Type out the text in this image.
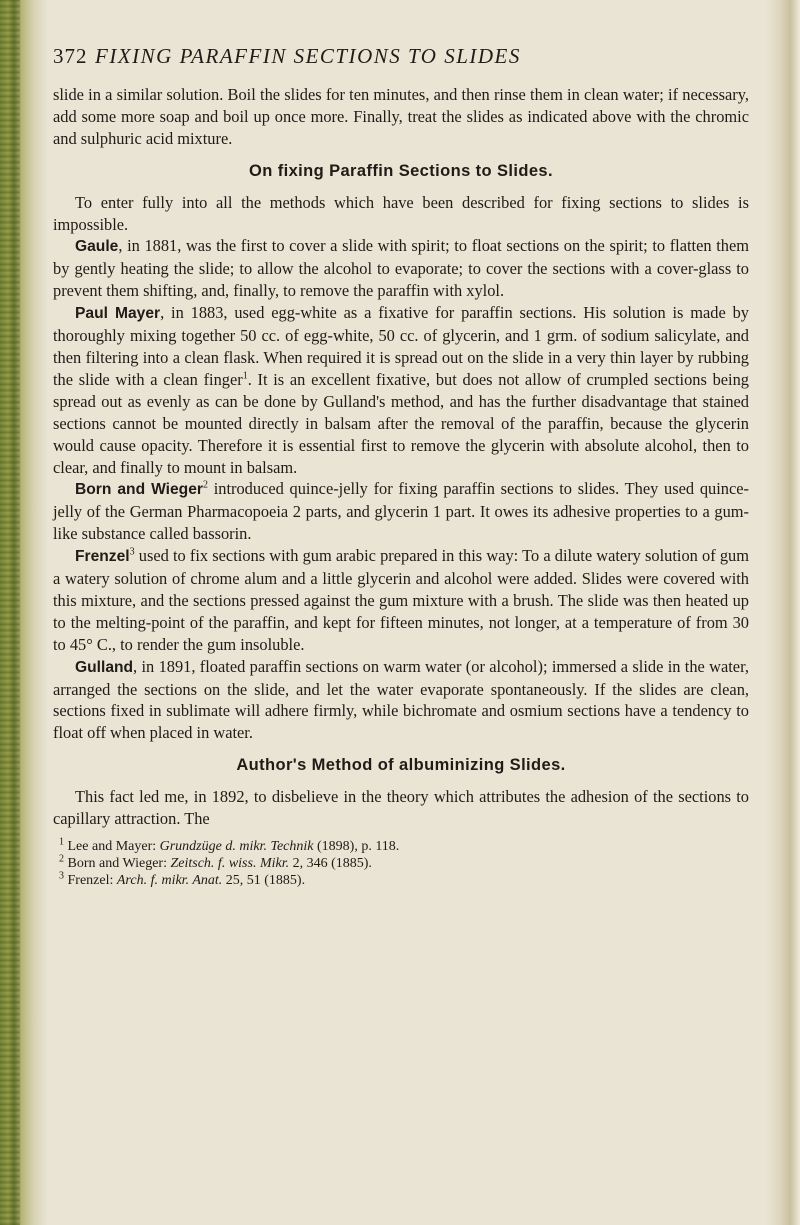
372 FIXING PARAFFIN SECTIONS TO SLIDES

slide in a similar solution. Boil the slides for ten minutes, and then rinse them in clean water; if necessary, add some more soap and boil up once more. Finally, treat the slides as indicated above with the chromic and sulphuric acid mixture.

On fixing Paraffin Sections to Slides.

To enter fully into all the methods which have been described for fixing sections to slides is impossible.

Gaule, in 1881, was the first to cover a slide with spirit; to float sections on the spirit; to flatten them by gently heating the slide; to allow the alcohol to evaporate; to cover the sections with a cover-glass to prevent them shifting, and, finally, to remove the paraffin with xylol.

Paul Mayer, in 1883, used egg-white as a fixative for paraffin sections. His solution is made by thoroughly mixing together 50 cc. of egg-white, 50 cc. of glycerin, and 1 grm. of sodium salicylate, and then filtering into a clean flask. When required it is spread out on the slide in a very thin layer by rubbing the slide with a clean finger$^1$. It is an excellent fixative, but does not allow of crumpled sections being spread out as evenly as can be done by Gulland's method, and has the further disadvantage that stained sections cannot be mounted directly in balsam after the removal of the paraffin, because the glycerin would cause opacity. Therefore it is essential first to remove the glycerin with absolute alcohol, then to clear, and finally to mount in balsam.

Born and Wieger$^2$ introduced quince-jelly for fixing paraffin sections to slides. They used quince-jelly of the German Pharmacopoeia 2 parts, and glycerin 1 part. It owes its adhesive properties to a gum-like substance called bassorin.

Frenzel$^3$ used to fix sections with gum arabic prepared in this way: To a dilute watery solution of gum a watery solution of chrome alum and a little glycerin and alcohol were added. Slides were covered with this mixture, and the sections pressed against the gum mixture with a brush. The slide was then heated up to the melting-point of the paraffin, and kept for fifteen minutes, not longer, at a temperature of from 30 to 45° C., to render the gum insoluble.

Gulland, in 1891, floated paraffin sections on warm water (or alcohol); immersed a slide in the water, arranged the sections on the slide, and let the water evaporate spontaneously. If the slides are clean, sections fixed in sublimate will adhere firmly, while bichromate and osmium sections have a tendency to float off when placed in water.

Author's Method of albuminizing Slides.

This fact led me, in 1892, to disbelieve in the theory which attributes the adhesion of the sections to capillary attraction. The

$^1$ Lee and Mayer: Grundzüge d. mikr. Technik (1898), p. 118.

$^2$ Born and Wieger: Zeitsch. f. wiss. Mikr. 2, 346 (1885).

$^3$ Frenzel: Arch. f. mikr. Anat. 25, 51 (1885).
